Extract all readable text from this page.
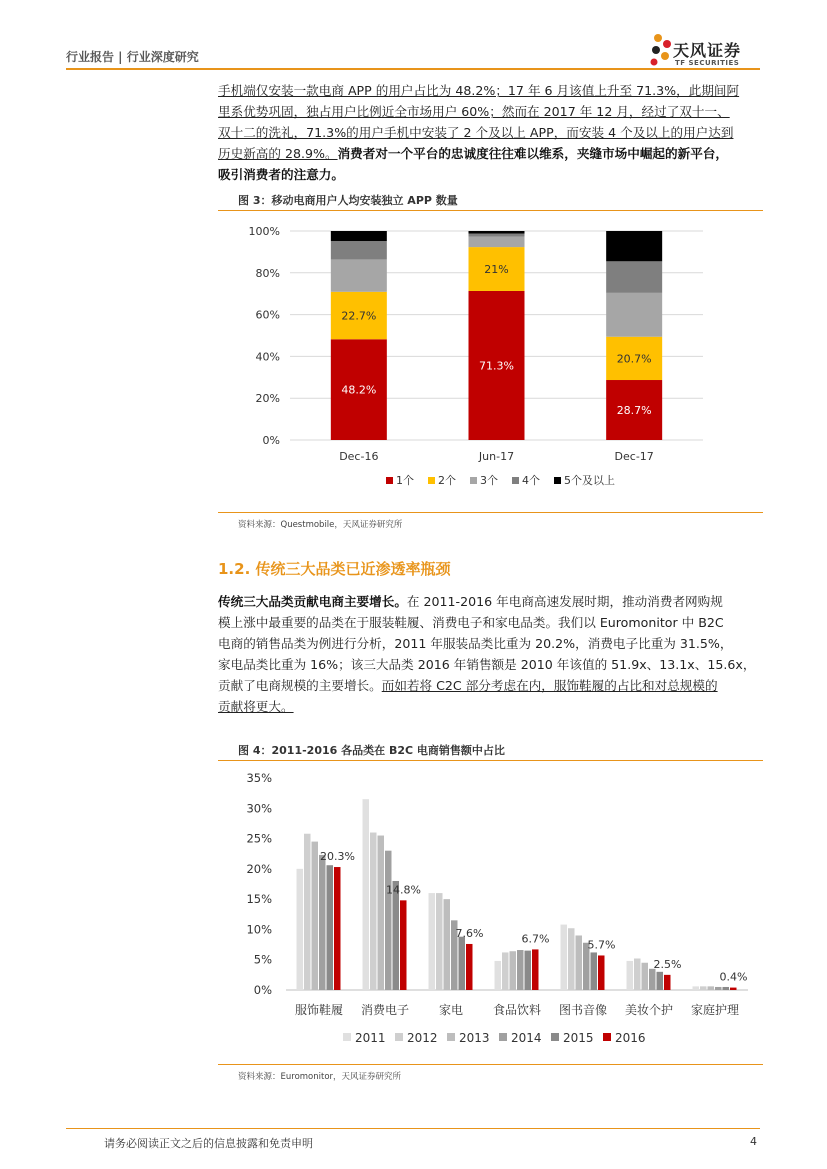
行业报告 | 行业深度研究	天风证券
TF SECURITIES
手机端仅安装一款电商 APP 的用户占比为 48.2%；17 年 6 月该值上升至 71.3%，此期间阿
里系优势巩固，独占用户比例近全市场用户 60%；然而在 2017 年 12 月，经过了双十一、
双十二的洗礼，71.3%的用户手机中安装了 2 个及以上 APP，而安装 4 个及以上的用户达到
历史新高的 28.9%。消费者对一个平台的忠诚度往往难以维系，夹缝市场中崛起的新平台，
吸引消费者的注意力。
图 3：移动电商用户人均安装独立 APP 数量
0%
20%
40%
60%
80%
100%
48.2%
22.7%
Dec-16
71.3%
21%
Jun-17
28.7%
20.7%
Dec-17
1个 2个 3个 4个 5个及以上
资料来源：Questmobile，天风证券研究所
1.2. 传统三大品类已近渗透率瓶颈
传统三大品类贡献电商主要增长。在 2011-2016 年电商高速发展时期，推动消费者网购规
模上涨中最重要的品类在于服装鞋履、消费电子和家电品类。我们以 Euromonitor 中 B2C
电商的销售品类为例进行分析，2011 年服装品类比重为 20.2%，消费电子比重为 31.5%，
家电品类比重为 16%；该三大品类 2016 年销售额是 2010 年该值的 51.9x、13.1x、15.6x，
贡献了电商规模的主要增长。而如若将 C2C 部分考虑在内，服饰鞋履的占比和对总规模的
贡献将更大。
图 4：2011-2016 各品类在 B2C 电商销售额中占比
0%
5%
10%
15%
20%
25%
30%
35%
20.3%
服饰鞋履
14.8%
消费电子
7.6%
家电
6.7%
食品饮料
5.7%
图书音像
2.5%
美妆个护
0.4%
家庭护理
2011 2012 2013 2014 2015 2016
资料来源：Euromonitor，天风证券研究所
请务必阅读正文之后的信息披露和免责申明	4
